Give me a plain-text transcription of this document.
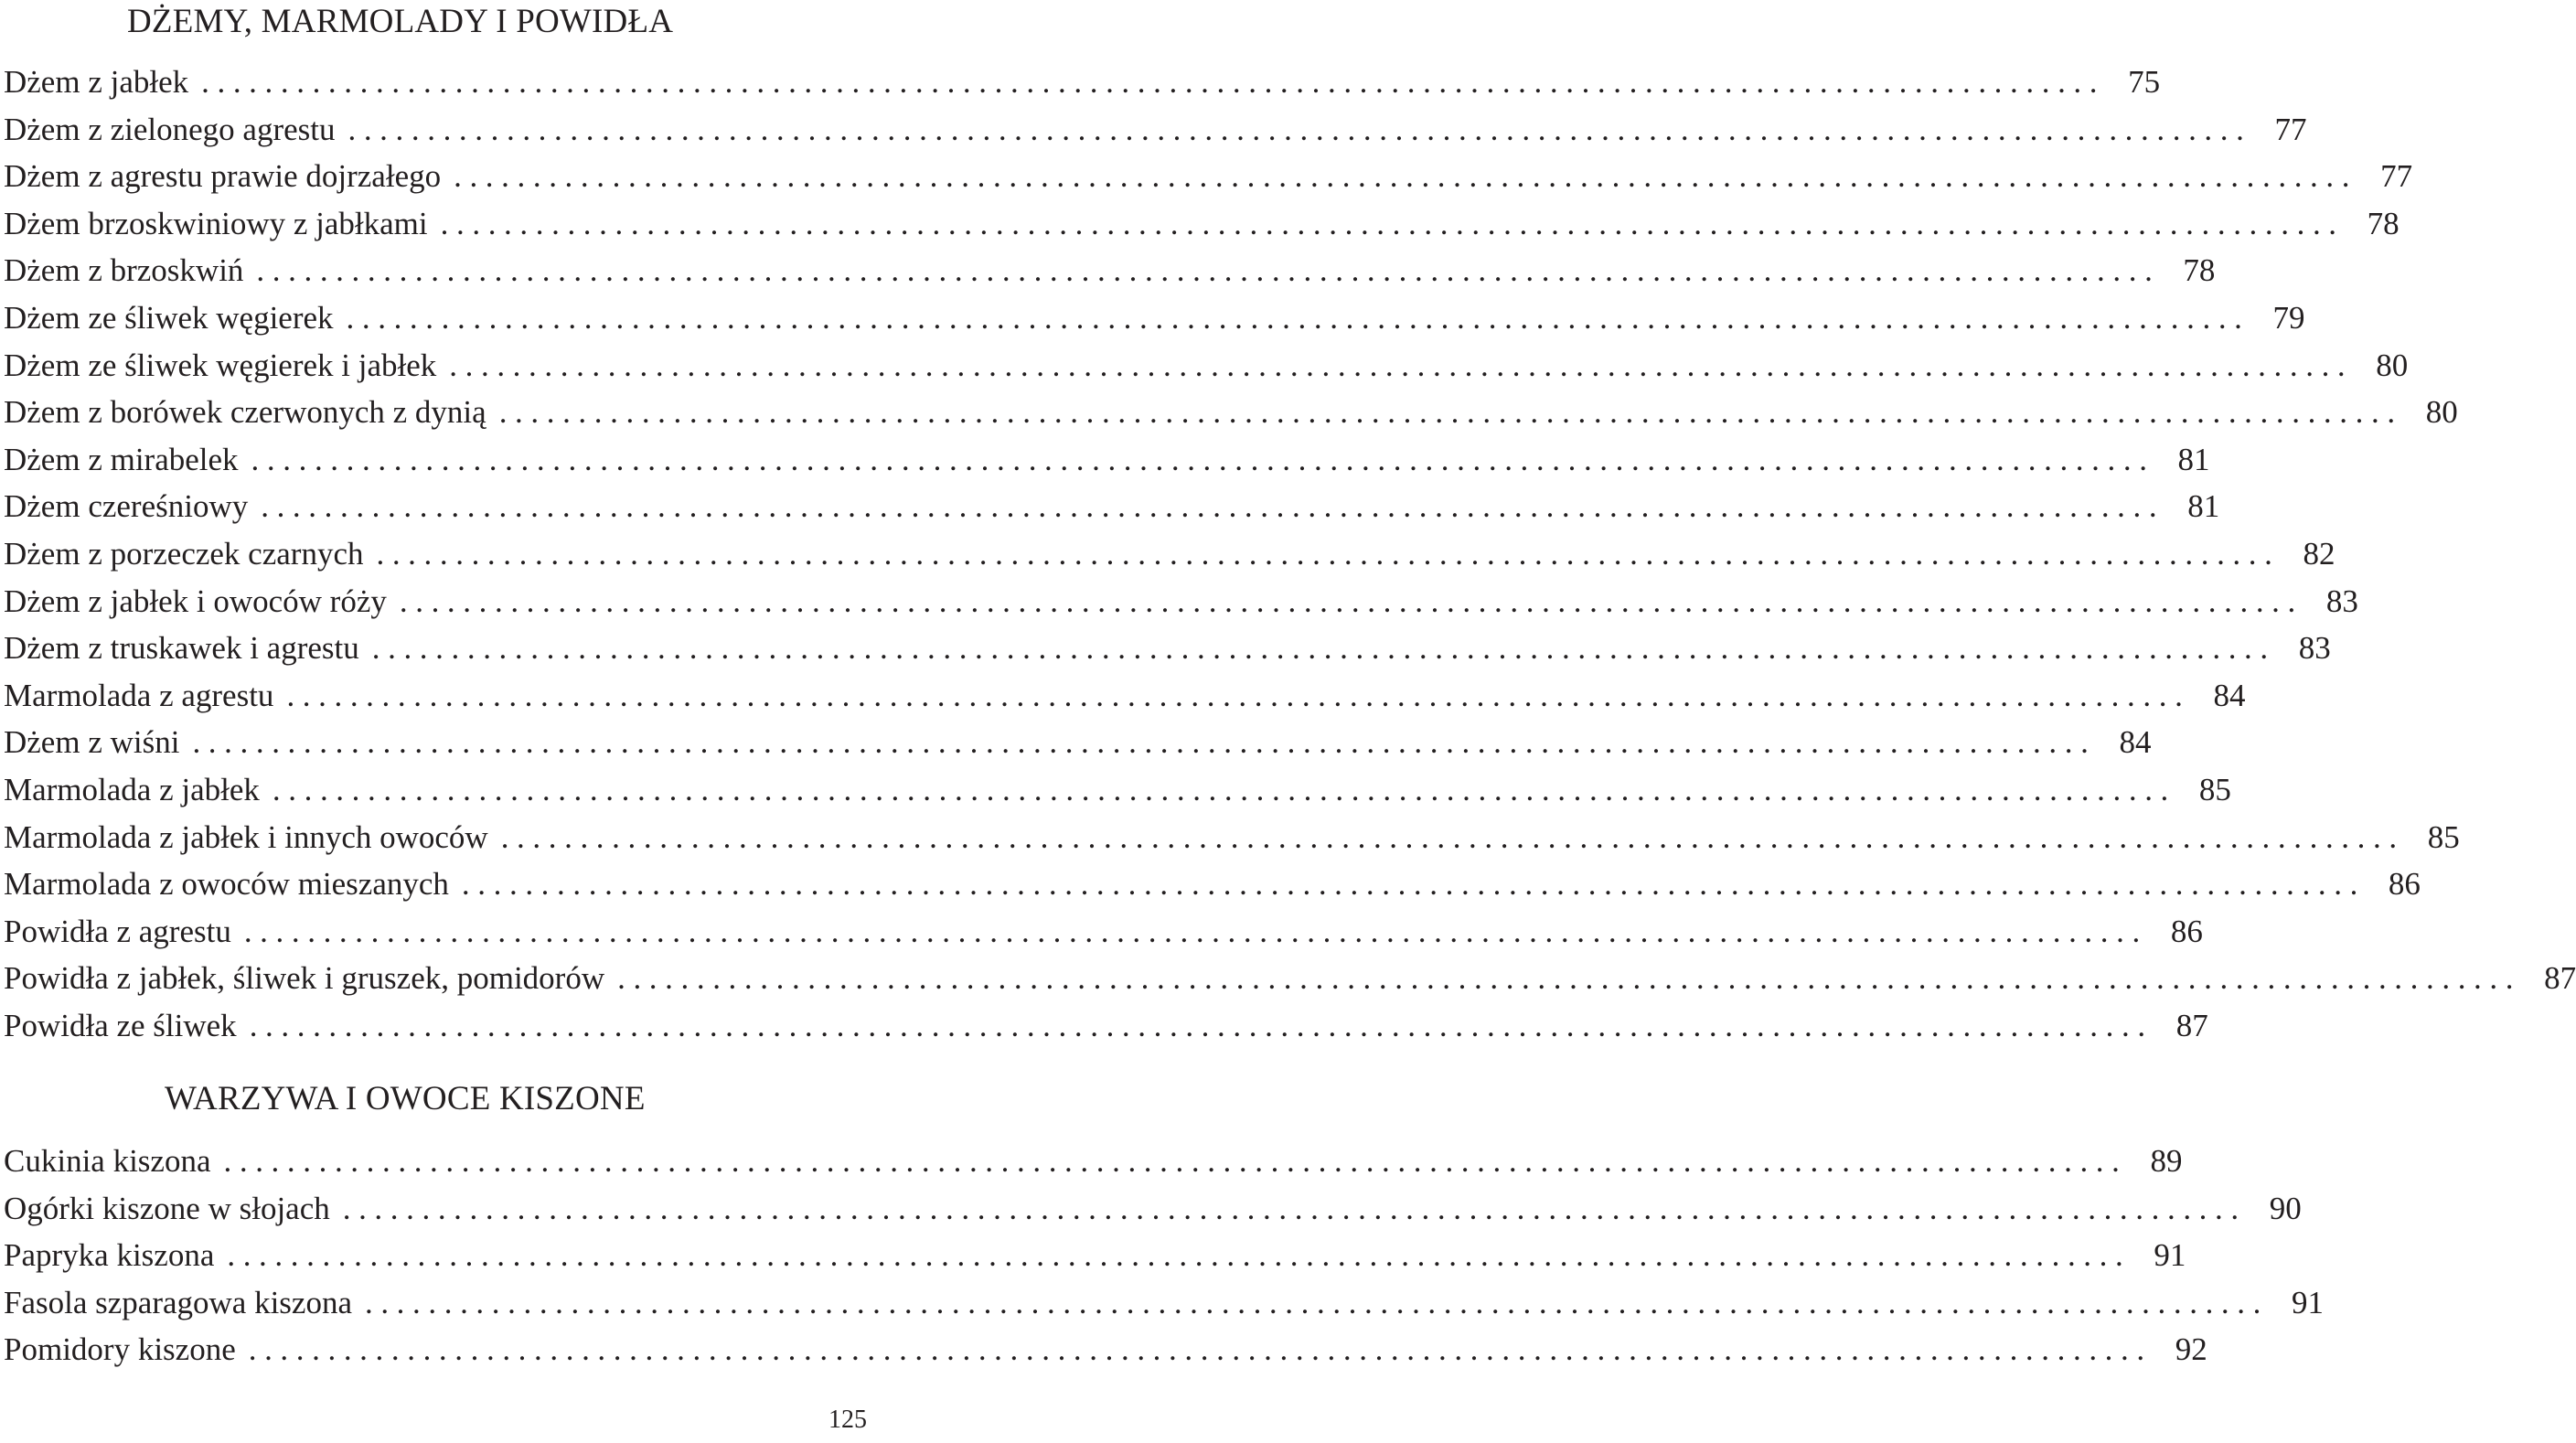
DŻEMY, MARMOLADY I POWIDŁA
Dżem z jabłek ........................................................................................................................ 75
Dżem z zielonego agrestu ........................................................................................................................ 77
Dżem z agrestu prawie dojrzałego ........................................................................................................................ 77
Dżem brzoskwiniowy z jabłkami ........................................................................................................................ 78
Dżem z brzoskwiń ........................................................................................................................ 78
Dżem ze śliwek węgierek ........................................................................................................................ 79
Dżem ze śliwek węgierek i jabłek ........................................................................................................................ 80
Dżem z borówek czerwonych z dynią ........................................................................................................................ 80
Dżem z mirabelek ........................................................................................................................ 81
Dżem czereśniowy ........................................................................................................................ 81
Dżem z porzeczek czarnych ........................................................................................................................ 82
Dżem z jabłek i owoców róży ........................................................................................................................ 83
Dżem z truskawek i agrestu ........................................................................................................................ 83
Marmolada z agrestu ........................................................................................................................ 84
Dżem z wiśni ........................................................................................................................ 84
Marmolada z jabłek ........................................................................................................................ 85
Marmolada z jabłek i innych owoców ........................................................................................................................ 85
Marmolada z owoców mieszanych ........................................................................................................................ 86
Powidła z agrestu ........................................................................................................................ 86
Powidła z jabłek, śliwek i gruszek, pomidorów ........................................................................................................................ 87
Powidła ze śliwek ........................................................................................................................ 87
WARZYWA I OWOCE KISZONE
Cukinia kiszona ........................................................................................................................ 89
Ogórki kiszone w słojach ........................................................................................................................ 90
Papryka kiszona ........................................................................................................................ 91
Fasola szparagowa kiszona ........................................................................................................................ 91
Pomidory kiszone ........................................................................................................................ 92
125
